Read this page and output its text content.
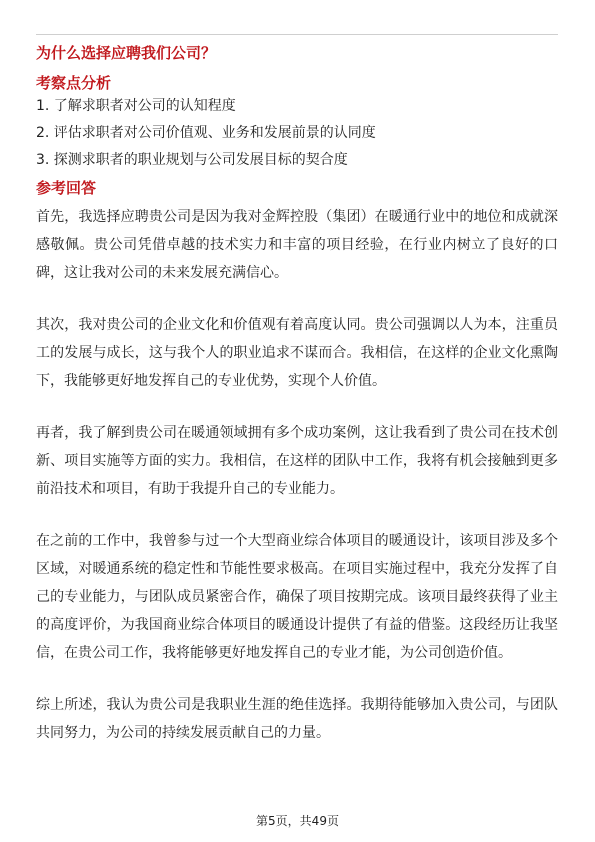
为什么选择应聘我们公司？
考察点分析
1. 了解求职者对公司的认知程度
2. 评估求职者对公司价值观、业务和发展前景的认同度
3. 探测求职者的职业规划与公司发展目标的契合度
参考回答

首先，我选择应聘贵公司是因为我对金辉控股（集团）在暖通行业中的地位和成就深感敬佩。贵公司凭借卓越的技术实力和丰富的项目经验，在行业内树立了良好的口碑，这让我对公司的未来发展充满信心。

其次，我对贵公司的企业文化和价值观有着高度认同。贵公司强调以人为本，注重员工的发展与成长，这与我个人的职业追求不谋而合。我相信，在这样的企业文化熏陶下，我能够更好地发挥自己的专业优势，实现个人价值。

再者，我了解到贵公司在暖通领域拥有多个成功案例，这让我看到了贵公司在技术创新、项目实施等方面的实力。我相信，在这样的团队中工作，我将有机会接触到更多前沿技术和项目，有助于我提升自己的专业能力。

在之前的工作中，我曾参与过一个大型商业综合体项目的暖通设计，该项目涉及多个区域，对暖通系统的稳定性和节能性要求极高。在项目实施过程中，我充分发挥了自己的专业能力，与团队成员紧密合作，确保了项目按期完成。该项目最终获得了业主的高度评价，为我国商业综合体项目的暖通设计提供了有益的借鉴。这段经历让我坚信，在贵公司工作，我将能够更好地发挥自己的专业才能，为公司创造价值。

综上所述，我认为贵公司是我职业生涯的绝佳选择。我期待能够加入贵公司，与团队共同努力，为公司的持续发展贡献自己的力量。

第5页，共49页
